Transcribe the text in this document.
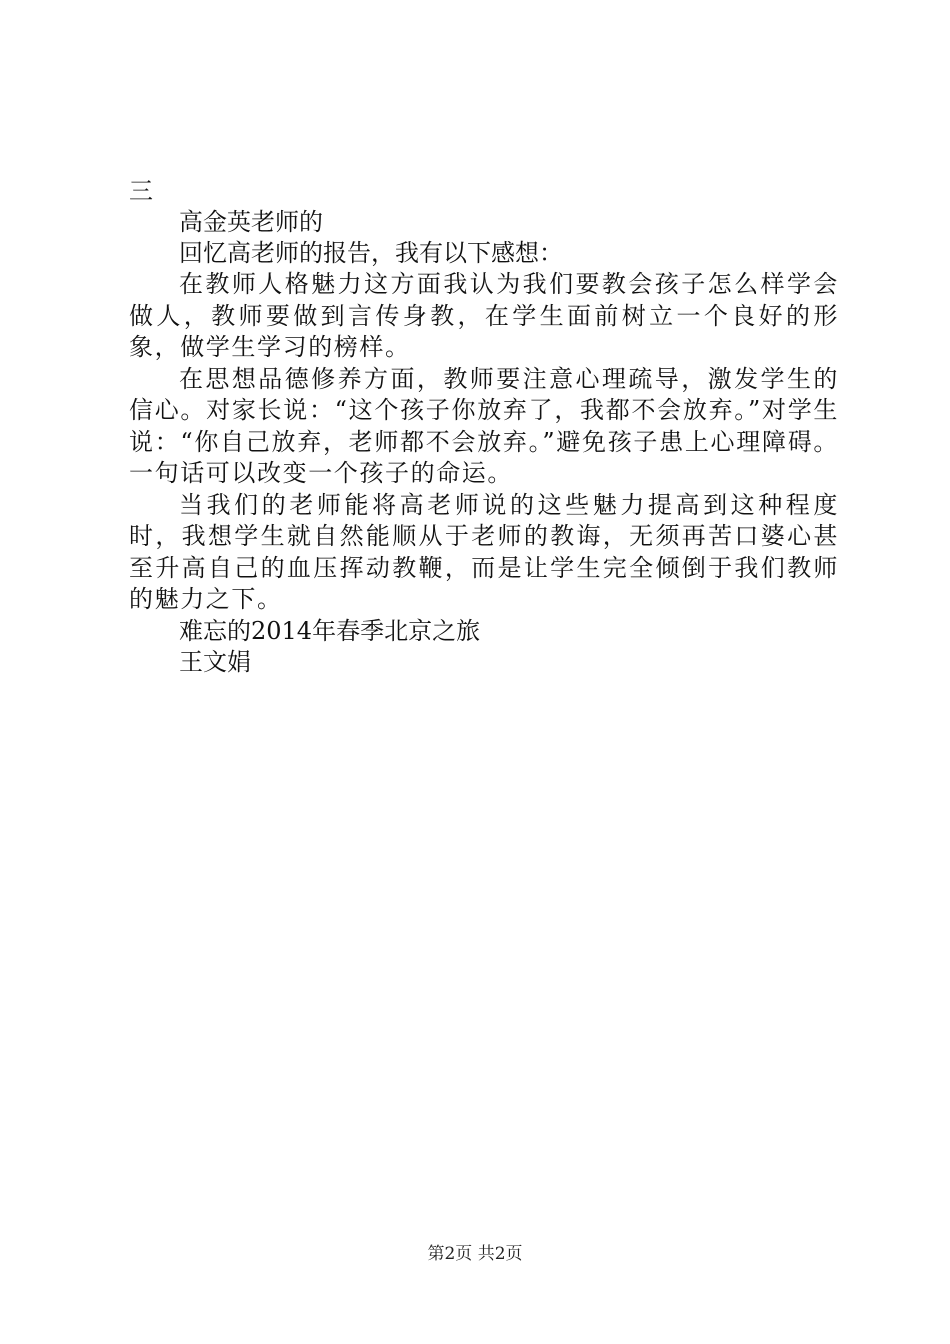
三
高金英老师的
回忆高老师的报告，我有以下感想：
在教师人格魅力这方面我认为我们要教会孩子怎么样学会做人，教师要做到言传身教，在学生面前树立一个良好的形象，做学生学习的榜样。
在思想品德修养方面，教师要注意心理疏导，激发学生的信心。对家长说：“这个孩子你放弃了，我都不会放弃。”对学生说：“你自己放弃，老师都不会放弃。”避免孩子患上心理障碍。一句话可以改变一个孩子的命运。
当我们的老师能将高老师说的这些魅力提高到这种程度时，我想学生就自然能顺从于老师的教诲，无须再苦口婆心甚至升高自己的血压挥动教鞭，而是让学生完全倾倒于我们教师的魅力之下。
难忘的2014年春季北京之旅
王文娟
第2页 共2页
